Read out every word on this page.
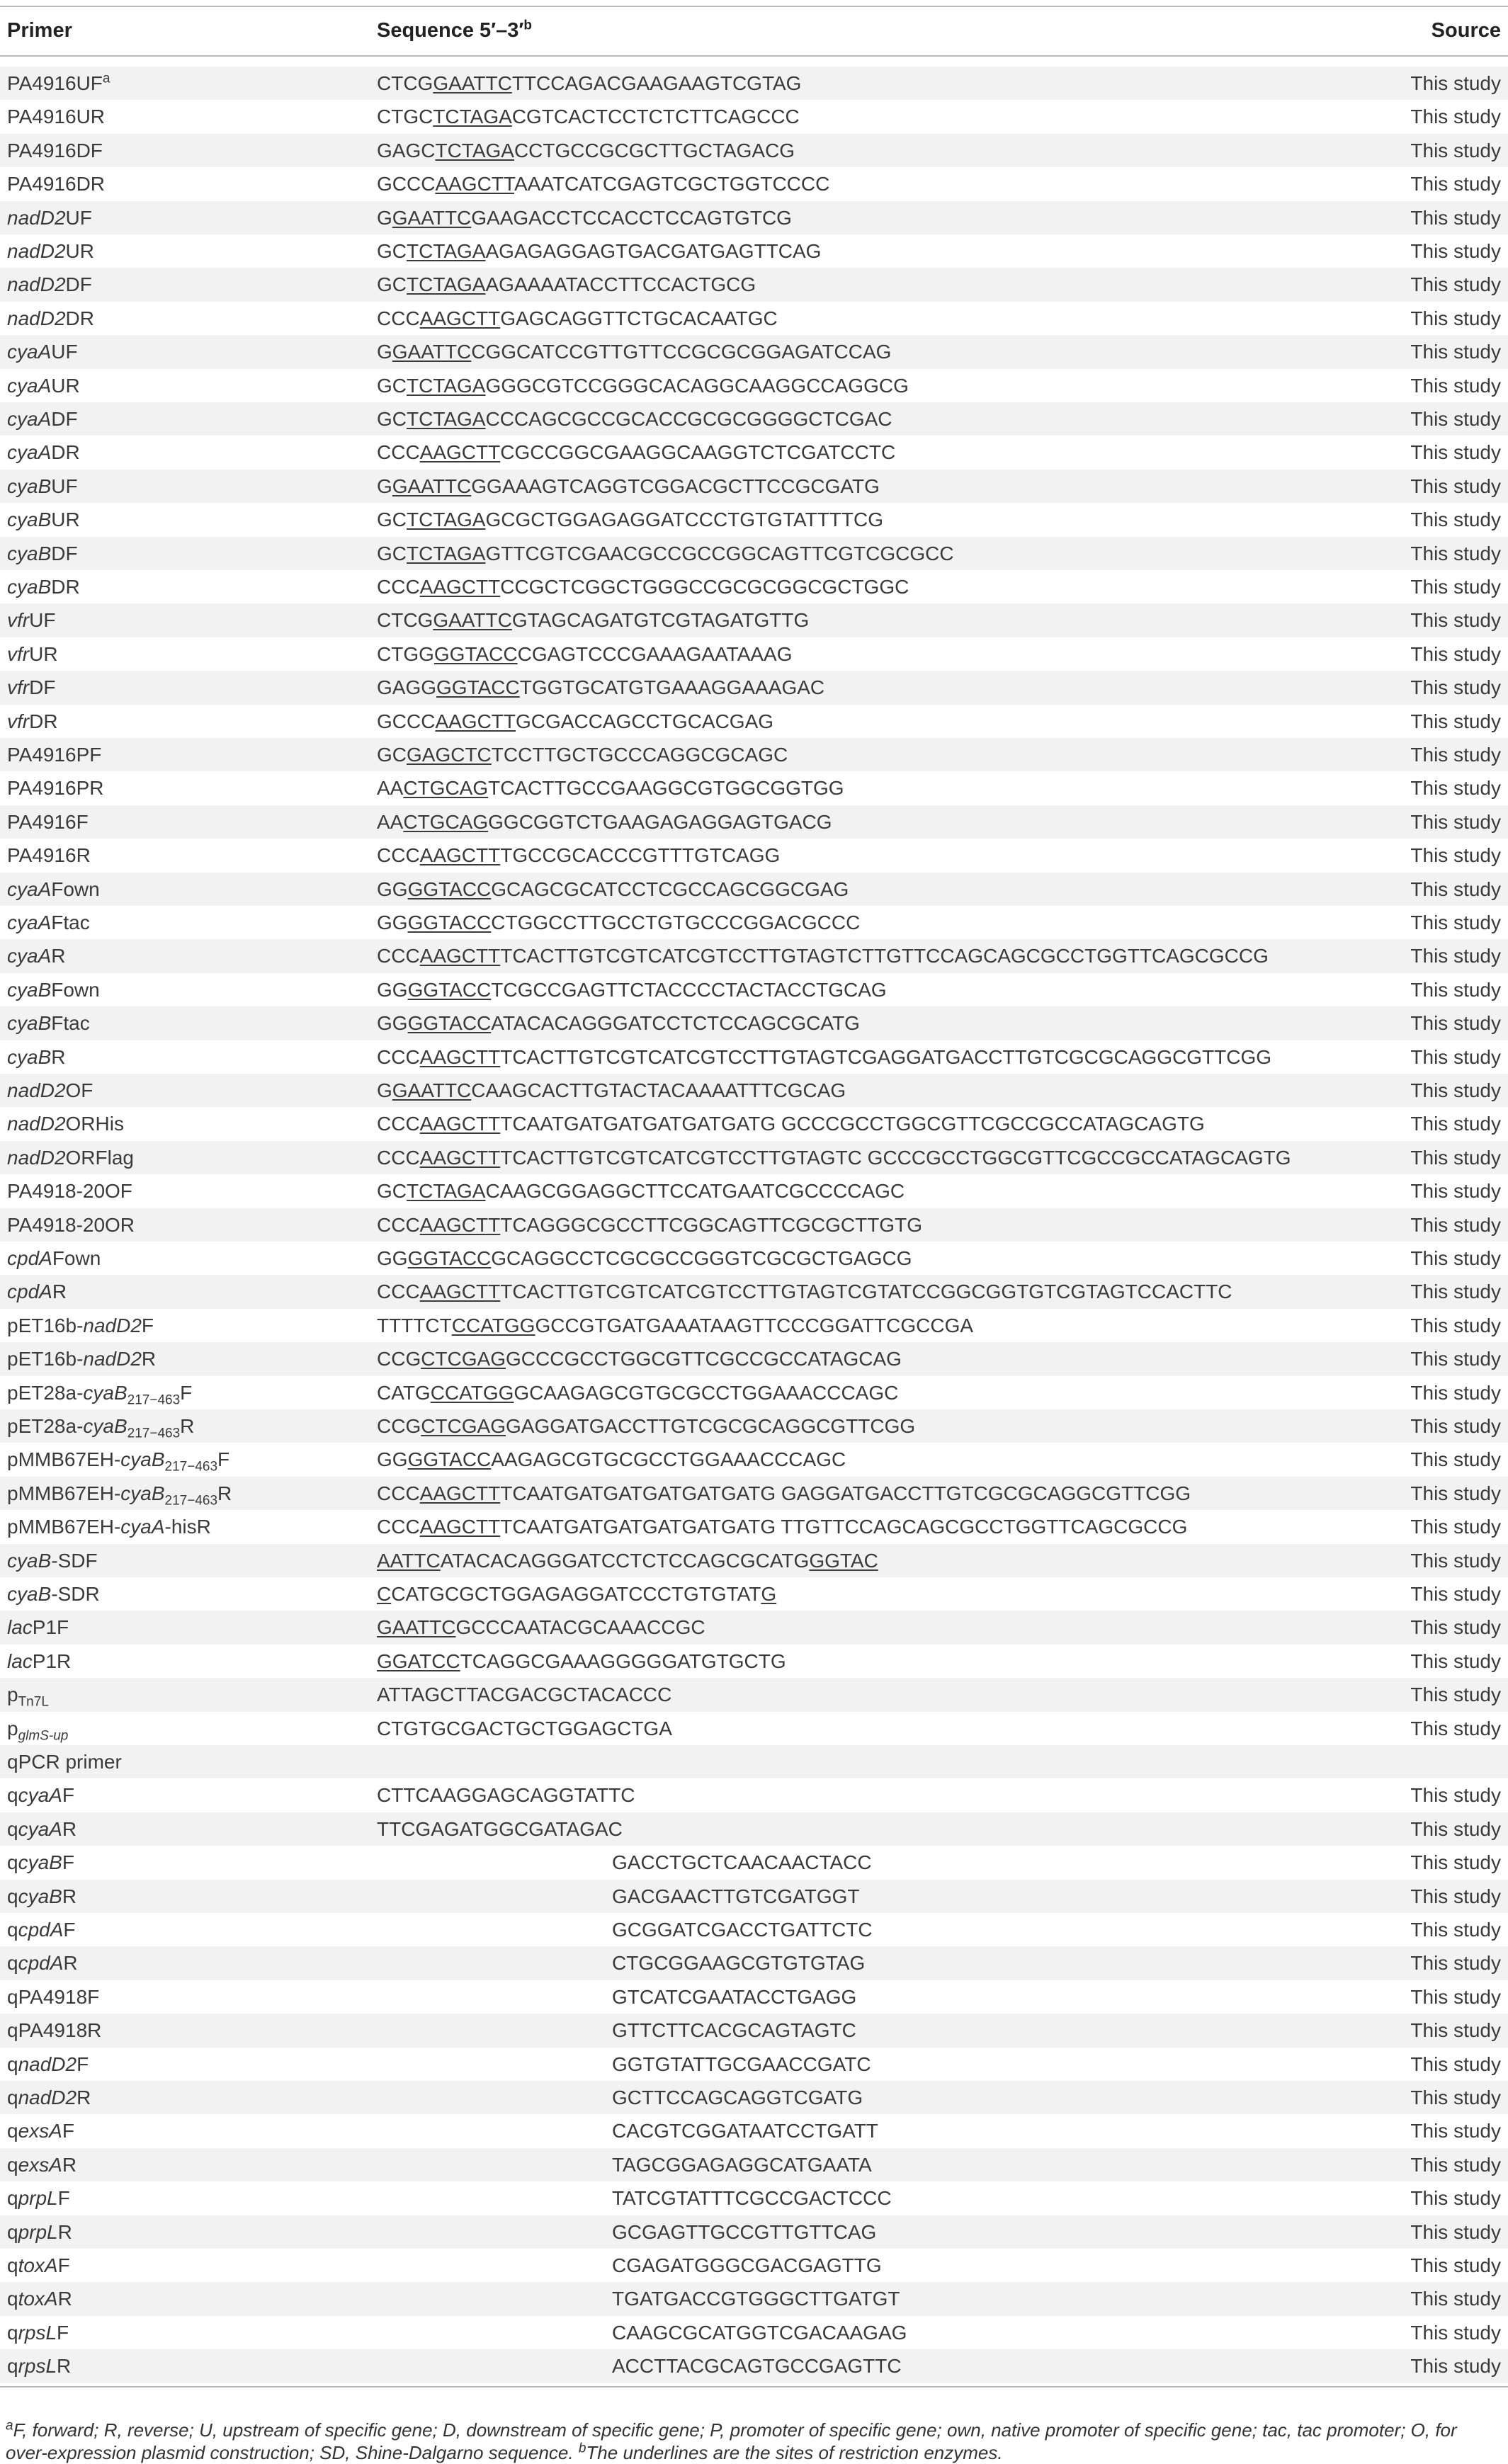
Primer	Sequence $5'-3'^b$	Source
$PA4916UF^a$	CTCGGAATTCTTCCAGACGAAGAAGTCGTAG	This study
PA4916UR	CTGCTCTAGACGTCACTCCTCTCTTCAGCCC	This study
PA4916DF	GAGCTCTAGACCTGCCGCGCTTGCTAGACG	This study
PA4916DR	GCCCAAGCTTAAATCATCGAGTCGCTGGTCCCC	This study
nadD2UF	GGAATTCGAAGACCTCCACCTCCAGTGTCG	This study
nadD2UR	GCTCTAGAAGAGAGGAGTGACGATGAGTTCAG	This study
nadD2DF	GCTCTAGAAGAAAATACCTTCCACTGCG	This study
nadD2DR	CCCAAGCTTGAGCAGGTTCTGCACAATGC	This study
cyaAUF	GGAATTCCGGCATCCGTTGTTCCGCGCGGAGATCCAG	This study
cyaAUR	GCTCTAGAGGGCGTCCGGGCACAGGCAAGGCCAGGCG	This study
cyaADF	GCTCTAGACCCAGCGCCGCACCGCGCGGGGCTCGAC	This study
cyaADR	CCCAAGCTTCGCCGGCGAAGGCAAGGTCTCGATCCTC	This study
cyaBUF	GGAATTCGGAAAGTCAGGTCGGACGCTTCCGCGATG	This study
cyaBUR	GCTCTAGAGCGCTGGAGAGGATCCCTGTGTATTTTCG	This study
cyaBDF	GCTCTAGAGTTCGTCGAACGCCGCCGGCAGTTCGTCGCGCC	This study
cyaBDR	CCCAAGCTTCCGCTCGGCTGGGCCGCGCGGCGCTGGC	This study
vfrUF	CTCGGAATTCGTAGCAGATGTCGTAGATGTTG	This study
vfrUR	CTGGGGTACCCGAGTCCCGAAAGAATAAAG	This study
vfrDF	GAGGGGTACCTGGTGCATGTGAAAGGAAAGAC	This study
vfrDR	GCCCAAGCTTGCGACCAGCCTGCACGAG	This study
PA4916PF	GCGAGCTCTCCTTGCTGCCCAGGCGCAGC	This study
PA4916PR	AACTGCAGTCACTTGCCGAAGGCGTGGCGGTGG	This study
PA4916F	AACTGCAGGGCGGTCTGAAGAGAGGAGTGACG	This study
PA4916R	CCCAAGCTTTGCCGCACCCGTTTGTCAGG	This study
cyaAFown	GGGGTACCGCAGCGCATCCTCGCCAGCGGCGAG	This study
cyaAFtac	GGGGTACCCTGGCCTTGCCTGTGCCCGGACGCCC	This study
cyaAR	CCCAAGCTTTCACTTGTCGTCATCGTCCTTGTAGTCTTGTTCCAGCAGCGCCTGGTTCAGCGCCG	This study
cyaBFown	GGGGTACCTCGCCGAGTTCTACCCCTACTACCTGCAG	This study
cyaBFtac	GGGGTACCATACACAGGGATCCTCTCCAGCGCATG	This study
cyaBR	CCCAAGCTTTCACTTGTCGTCATCGTCCTTGTAGTCGAGGATGACCTTGTCGCGCAGGCGTTCGG	This study
nadD2OF	GGAATTCCAAGCACTTGTACTACAAAATTTCGCAG	This study
nadD2ORHis	CCCAAGCTTTCAATGATGATGATGATGATG GCCCGCCTGGCGTTCGCCGCCATAGCAGTG	This study
nadD2ORFlag	CCCAAGCTTTCACTTGTCGTCATCGTCCTTGTAGTC GCCCGCCTGGCGTTCGCCGCCATAGCAGTG	This study
PA4918-20OF	GCTCTAGACAAGCGGAGGCTTCCATGAATCGCCCCAGC	This study
PA4918-20OR	CCCAAGCTTTCAGGGCGCCTTCGGCAGTTCGCGCTTGTG	This study
cpdAFown	GGGGTACCGCAGGCCTCGCGCCGGGTCGCGCTGAGCG	This study
cpdAR	CCCAAGCTTTCACTTGTCGTCATCGTCCTTGTAGTCGTATCCGGCGGTGTCGTAGTCCACTTC	This study
pET16b-nadD2F	TTTTCTCCATGGGCCGTGATGAAATAAGTTCCCGGATTCGCCGA	This study
pET16b-nadD2R	CCGCTCGAGGCCCGCCTGGCGTTCGCCGCCATAGCAG	This study
pET28a-cyaB$_{217-463}$F	CATGCCATGGGCAAGAGCGTGCGCCTGGAAACCCAGC	This study
pET28a-cyaB$_{217-463}$R	CCGCTCGAGGAGGATGACCTTGTCGCGCAGGCGTTCGG	This study
pMMB67EH-cyaB$_{217-463}$F	GGGGTACCAAGAGCGTGCGCCTGGAAACCCAGC	This study
pMMB67EH-cyaB$_{217-463}$R	CCCAAGCTTTCAATGATGATGATGATGATG GAGGATGACCTTGTCGCGCAGGCGTTCGG	This study
pMMB67EH-cyaA-hisR	CCCAAGCTTTCAATGATGATGATGATGATG TTGTTCCAGCAGCGCCTGGTTCAGCGCCG	This study
cyaB-SDF	AATTCATACACAGGGATCCTCTCCAGCGCATGGGTAC	This study
cyaB-SDR	CCATGCGCTGGAGAGGATCCCTGTGTATG	This study
lacP1F	GAATTCGCCCAATACGCAAACCGC	This study
lacP1R	GGATCCTCAGGCGAAAGGGGGATGTGCTG	This study
$p_{Tn7L}$	ATTAGCTTACGACGCTACACCC	This study
$p_{glmS-up}$	CTGTGCGACTGCTGGAGCTGA	This study
qPCR primer
qcyaAF	CTTCAAGGAGCAGGTATTC	This study
qcyaAR	TTCGAGATGGCGATAGAC	This study
qcyaBF	GACCTGCTCAACAACTACC	This study
qcyaBR	GACGAACTTGTCGATGGT	This study
qcpdAF	GCGGATCGACCTGATTCTC	This study
qcpdAR	CTGCGGAAGCGTGTGTAG	This study
qPA4918F	GTCATCGAATACCTGAGG	This study
qPA4918R	GTTCTTCACGCAGTAGTC	This study
qnadD2F	GGTGTATTGCGAACCGATC	This study
qnadD2R	GCTTCCAGCAGGTCGATG	This study
qexsAF	CACGTCGGATAATCCTGATT	This study
qexsAR	TAGCGGAGAGGCATGAATA	This study
qprpLF	TATCGTATTTCGCCGACTCCC	This study
qprpLR	GCGAGTTGCCGTTGTTCAG	This study
qtoxAF	CGAGATGGGCGACGAGTTG	This study
qtoxAR	TGATGACCGTGGGCTTGATGT	This study
qrpsLF	CAAGCGCATGGTCGACAAGAG	This study
qrpsLR	ACCTTACGCAGTGCCGAGTTC	This study
$^a$F, forward; R, reverse; U, upstream of specific gene; D, downstream of specific gene; P, promoter of specific gene; own, native promoter of specific gene; tac, tac promoter; O, for over-expression plasmid construction; SD, Shine-Dalgarno sequence. $^b$The underlines are the sites of restriction enzymes.
